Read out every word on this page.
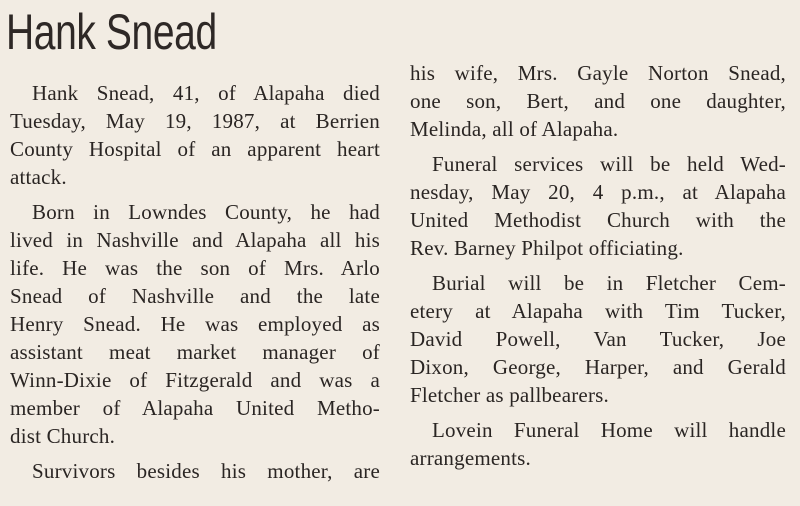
Hank Snead
Hank Snead, 41, of Alapaha died
Tuesday, May 19, 1987, at Berrien
County Hospital of an apparent heart
attack.
Born in Lowndes County, he had
lived in Nashville and Alapaha all his
life. He was the son of Mrs. Arlo
Snead of Nashville and the late
Henry Snead. He was employed as
assistant meat market manager of
Winn-Dixie of Fitzgerald and was a
member of Alapaha United Metho-
dist Church.
Survivors besides his mother, are
his wife, Mrs. Gayle Norton Snead,
one son, Bert, and one daughter,
Melinda, all of Alapaha.
Funeral services will be held Wed-
nesday, May 20, 4 p.m., at Alapaha
United Methodist Church with the
Rev. Barney Philpot officiating.
Burial will be in Fletcher Cem-
etery at Alapaha with Tim Tucker,
David Powell, Van Tucker, Joe
Dixon, George, Harper, and Gerald
Fletcher as pallbearers.
Lovein Funeral Home will handle
arrangements.
